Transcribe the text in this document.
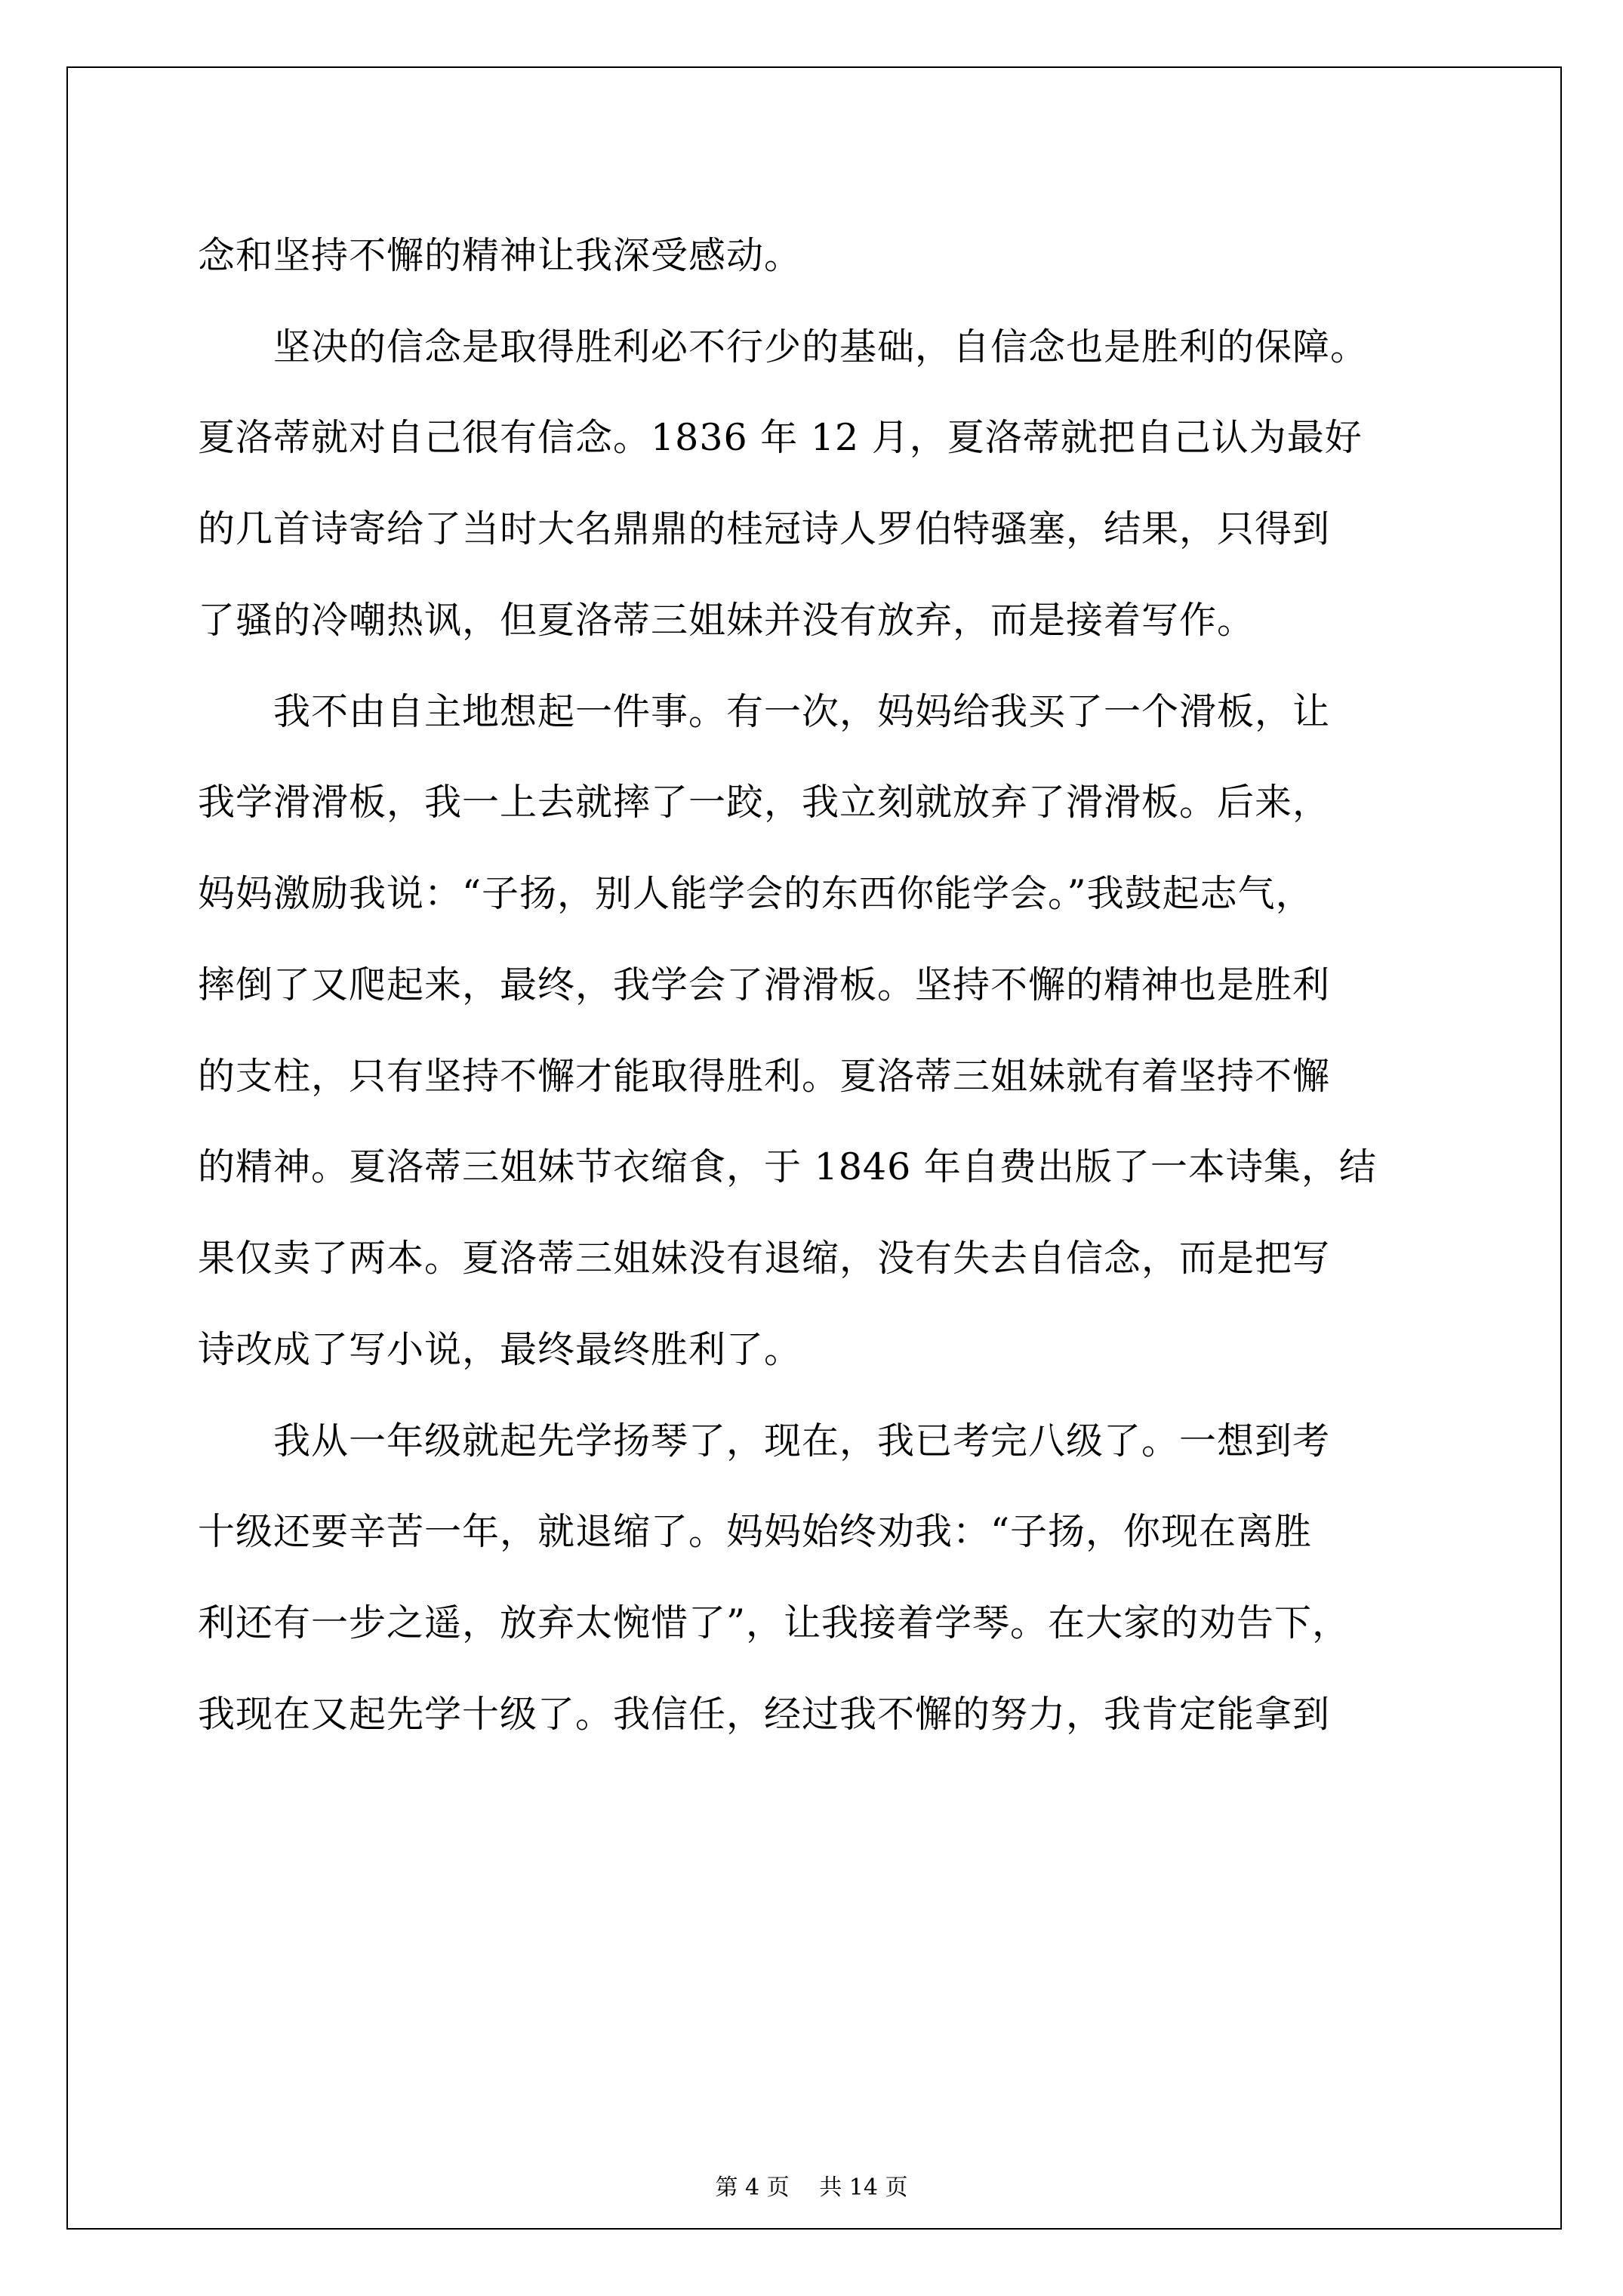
念和坚持不懈的精神让我深受感动。
　　坚决的信念是取得胜利必不行少的基础，自信念也是胜利的保障。
夏洛蒂就对自己很有信念。1836 年 12 月，夏洛蒂就把自己认为最好
的几首诗寄给了当时大名鼎鼎的桂冠诗人罗伯特骚塞，结果，只得到
了骚的冷嘲热讽，但夏洛蒂三姐妹并没有放弃，而是接着写作。
　　我不由自主地想起一件事。有一次，妈妈给我买了一个滑板，让
我学滑滑板，我一上去就摔了一跤，我立刻就放弃了滑滑板。后来，
妈妈激励我说：“子扬，别人能学会的东西你能学会。”我鼓起志气，
摔倒了又爬起来，最终，我学会了滑滑板。坚持不懈的精神也是胜利
的支柱，只有坚持不懈才能取得胜利。夏洛蒂三姐妹就有着坚持不懈
的精神。夏洛蒂三姐妹节衣缩食，于 1846 年自费出版了一本诗集，结
果仅卖了两本。夏洛蒂三姐妹没有退缩，没有失去自信念，而是把写
诗改成了写小说，最终最终胜利了。
　　我从一年级就起先学扬琴了，现在，我已考完八级了。一想到考
十级还要辛苦一年，就退缩了。妈妈始终劝我：“子扬，你现在离胜
利还有一步之遥，放弃太惋惜了”，让我接着学琴。在大家的劝告下，
我现在又起先学十级了。我信任，经过我不懈的努力，我肯定能拿到
第 4 页　 共 14 页
